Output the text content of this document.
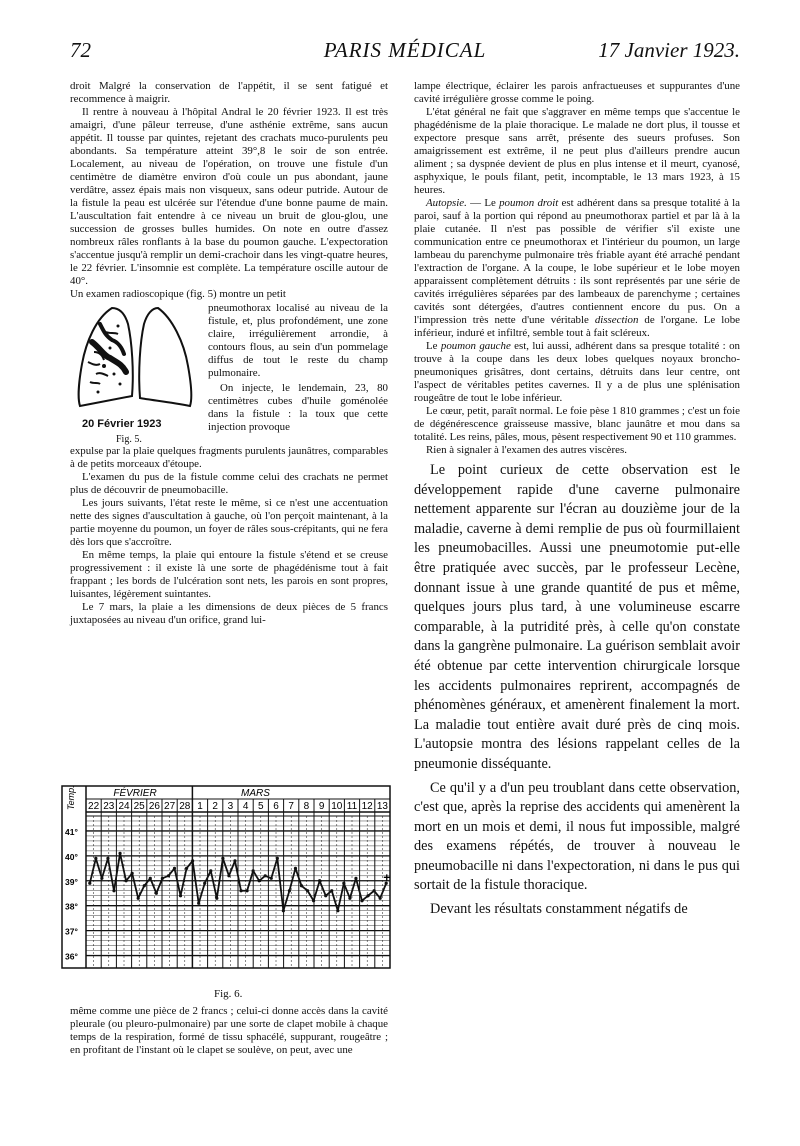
72	PARIS MÉDICAL	17 Janvier 1923.

droit Malgré la conservation de l'appétit, il se sent fatigué et recommence à maigrir.

Il rentre à nouveau à l'hôpital Andral le 20 février 1923. Il est très amaigri, d'une pâleur terreuse, d'une asthénie extrême, sans aucun appétit. Il tousse par quintes, rejetant des crachats muco-purulents peu abondants. Sa température atteint 39°,8 le soir de son entrée. Localement, au niveau de l'opération, on trouve une fistule d'un centimètre de diamètre environ d'où coule un pus abondant, jaune verdâtre, assez épais mais non visqueux, sans odeur putride. Autour de la fistule la peau est ulcérée sur l'étendue d'une bonne paume de main. L'auscultation fait entendre à ce niveau un bruit de glou-glou, une succession de grosses bulles humides. On note en outre d'assez nombreux râles ronflants à la base du poumon gauche. L'expectoration s'accentue jusqu'à remplir un demi-crachoir dans les vingt-quatre heures, le 22 février. L'insomnie est complète. La température oscille autour de 40°.

Un examen radioscopique (fig. 5) montre un petit

pneumothorax localisé au niveau de la fistule, et, plus profondément, une zone claire, irrégulièrement arrondie, à contours flous, au sein d'un pommelage diffus de tout le reste du champ pulmonaire.
On injecte, le lendemain, 23, 80 centimètres cubes d'huile goménolée dans la fistule : la toux que cette injection provoque
20 Février 1923
Fig. 5.

expulse par la plaie quelques fragments purulents jaunâtres, comparables à de petits morceaux d'étoupe.

L'examen du pus de la fistule comme celui des crachats ne permet plus de découvrir de pneumobacille.

Les jours suivants, l'état reste le même, si ce n'est une accentuation nette des signes d'auscultation à gauche, où l'on perçoit maintenant, à la partie moyenne du poumon, un foyer de râles sous-crépitants, qui ne fera dès lors que s'accroître.

En même temps, la plaie qui entoure la fistule s'étend et se creuse progressivement : il existe là une sorte de phagédénisme tout à fait frappant ; les bords de l'ulcération sont nets, les parois en sont propres, luisantes, légèrement suintantes.

Le 7 mars, la plaie a les dimensions de deux pièces de 5 francs juxtaposées au niveau d'un orifice, grand lui-

FÉVRIER	MARS
22 23 24 25 26 27 28 1 2 3 4 5 6 7 8 9 10 11 12 13
41°
40°
39°
38°
37°
36°
Temp.
+
Fig. 6.

même comme une pièce de 2 francs ; celui-ci donne accès dans la cavité pleurale (ou pleuro-pulmonaire) par une sorte de clapet mobile à chaque temps de la respiration, formé de tissu sphacélé, suppurant, rougeâtre ; en profitant de l'instant où le clapet se soulève, on peut, avec une

lampe électrique, éclairer les parois anfractueuses et suppurantes d'une cavité irrégulière grosse comme le poing.

L'état général ne fait que s'aggraver en même temps que s'accentue le phagédénisme de la plaie thoracique. Le malade ne dort plus, il tousse et expectore presque sans arrêt, présente des sueurs profuses. Son amaigrissement est extrême, il ne peut plus d'ailleurs prendre aucun aliment ; sa dyspnée devient de plus en plus intense et il meurt, cyanosé, asphyxique, le pouls filant, petit, incomptable, le 13 mars 1923, à 15 heures.

Autopsie. — Le poumon droit est adhérent dans sa presque totalité à la paroi, sauf à la portion qui répond au pneumothorax partiel et par là à la plaie cutanée. Il n'est pas possible de vérifier s'il existe une communication entre ce pneumothorax et l'intérieur du poumon, un large lambeau du parenchyme pulmonaire très friable ayant été arraché pendant l'extraction de l'organe. A la coupe, le lobe supérieur et le lobe moyen apparaissent complètement détruits : ils sont représentés par une série de cavités irrégulières séparées par des lambeaux de parenchyme ; certaines cavités sont détergées, d'autres contiennent encore du pus. On a l'impression très nette d'une véritable dissection de l'organe. Le lobe inférieur, induré et infiltré, semble tout à fait scléreux.

Le poumon gauche est, lui aussi, adhérent dans sa presque totalité : on trouve à la coupe dans les deux lobes quelques noyaux broncho-pneumoniques grisâtres, dont certains, détruits dans leur centre, ont l'aspect de véritables petites cavernes. Il y a de plus une splénisation rougeâtre de tout le lobe inférieur.

Le cœur, petit, paraît normal. Le foie pèse 1 810 grammes ; c'est un foie de dégénérescence graisseuse massive, blanc jaunâtre et mou dans sa totalité. Les reins, pâles, mous, pèsent respectivement 90 et 110 grammes.

Rien à signaler à l'examen des autres viscères.

Le point curieux de cette observation est le développement rapide d'une caverne pulmonaire nettement apparente sur l'écran au douzième jour de la maladie, caverne à demi remplie de pus où fourmillaient les pneumobacilles. Aussi une pneumotomie put-elle être pratiquée avec succès, par le professeur Lecène, donnant issue à une grande quantité de pus et même, quelques jours plus tard, à une volumineuse escarre comparable, à la putridité près, à celle qu'on constate dans la gangrène pulmonaire. La guérison semblait avoir été obtenue par cette intervention chirurgicale lorsque les accidents pulmonaires reprirent, accompagnés de phénomènes généraux, et amenèrent finalement la mort. La maladie tout entière avait duré près de cinq mois. L'autopsie montra des lésions rappelant celles de la pneumonie disséquante.

Ce qu'il y a d'un peu troublant dans cette observation, c'est que, après la reprise des accidents qui amenèrent la mort en un mois et demi, il nous fut impossible, malgré des examens répétés, de trouver à nouveau le pneumobacille ni dans l'expectoration, ni dans le pus qui sortait de la fistule thoracique.

Devant les résultats constamment négatifs de
